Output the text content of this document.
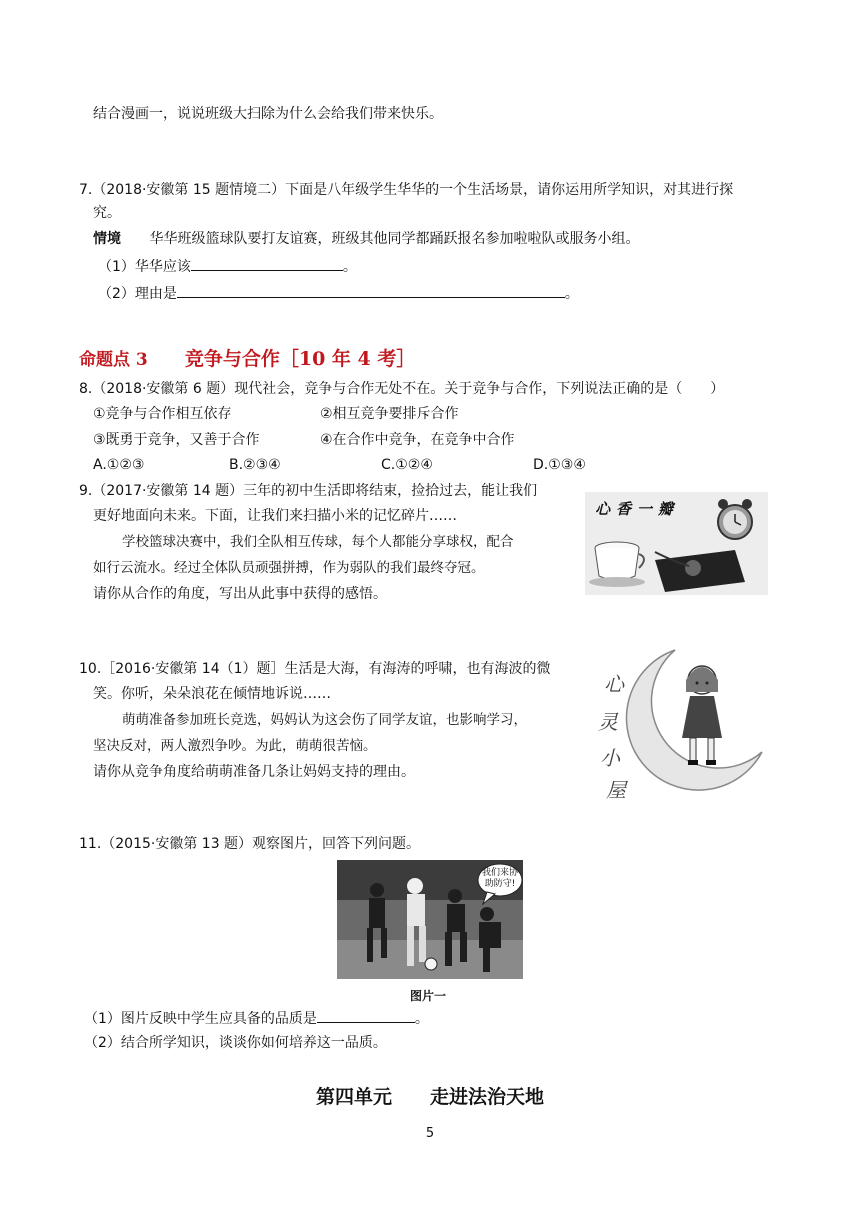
结合漫画一，说说班级大扫除为什么会给我们带来快乐。
7.（2018·安徽第 15 题情境二）下面是八年级学生华华的一个生活场景，请你运用所学知识，对其进行探
究。
情境 华华班级篮球队要打友谊赛，班级其他同学都踊跃报名参加啦啦队或服务小组。
（1）华华应该	。
（2）理由是	。
命题点 3 竞争与合作［10 年 4 考］
8.（2018·安徽第 6 题）现代社会，竞争与合作无处不在。关于竞争与合作，下列说法正确的是（　　）
①竞争与合作相互依存	②相互竞争要排斥合作
③既勇于竞争，又善于合作	④在合作中竞争，在竞争中合作
A.①②③	B.②③④	C.①②④	D.①③④
9.（2017·安徽第 14 题）三年的初中生活即将结束，捡拾过去，能让我们
更好地面向未来。下面，让我们来扫描小米的记忆碎片……
学校篮球决赛中，我们全队相互传球，每个人都能分享球权，配合
如行云流水。经过全体队员顽强拼搏，作为弱队的我们最终夺冠。
请你从合作的角度，写出从此事中获得的感悟。
心香一瓣
10.［2016·安徽第 14（1）题］生活是大海，有海涛的呼啸，也有海波的微
笑。你听，朵朵浪花在倾情地诉说……
萌萌准备参加班长竞选，妈妈认为这会伤了同学友谊，也影响学习，
坚决反对，两人激烈争吵。为此，萌萌很苦恼。
请你从竞争角度给萌萌准备几条让妈妈支持的理由。
心
灵
小
屋
11.（2015·安徽第 13 题）观察图片，回答下列问题。
我们来协助防守!
图片一
（1）图片反映中学生应具备的品质是	。
（2）结合所学知识，谈谈你如何培养这一品质。
第四单元　　走进法治天地
5
